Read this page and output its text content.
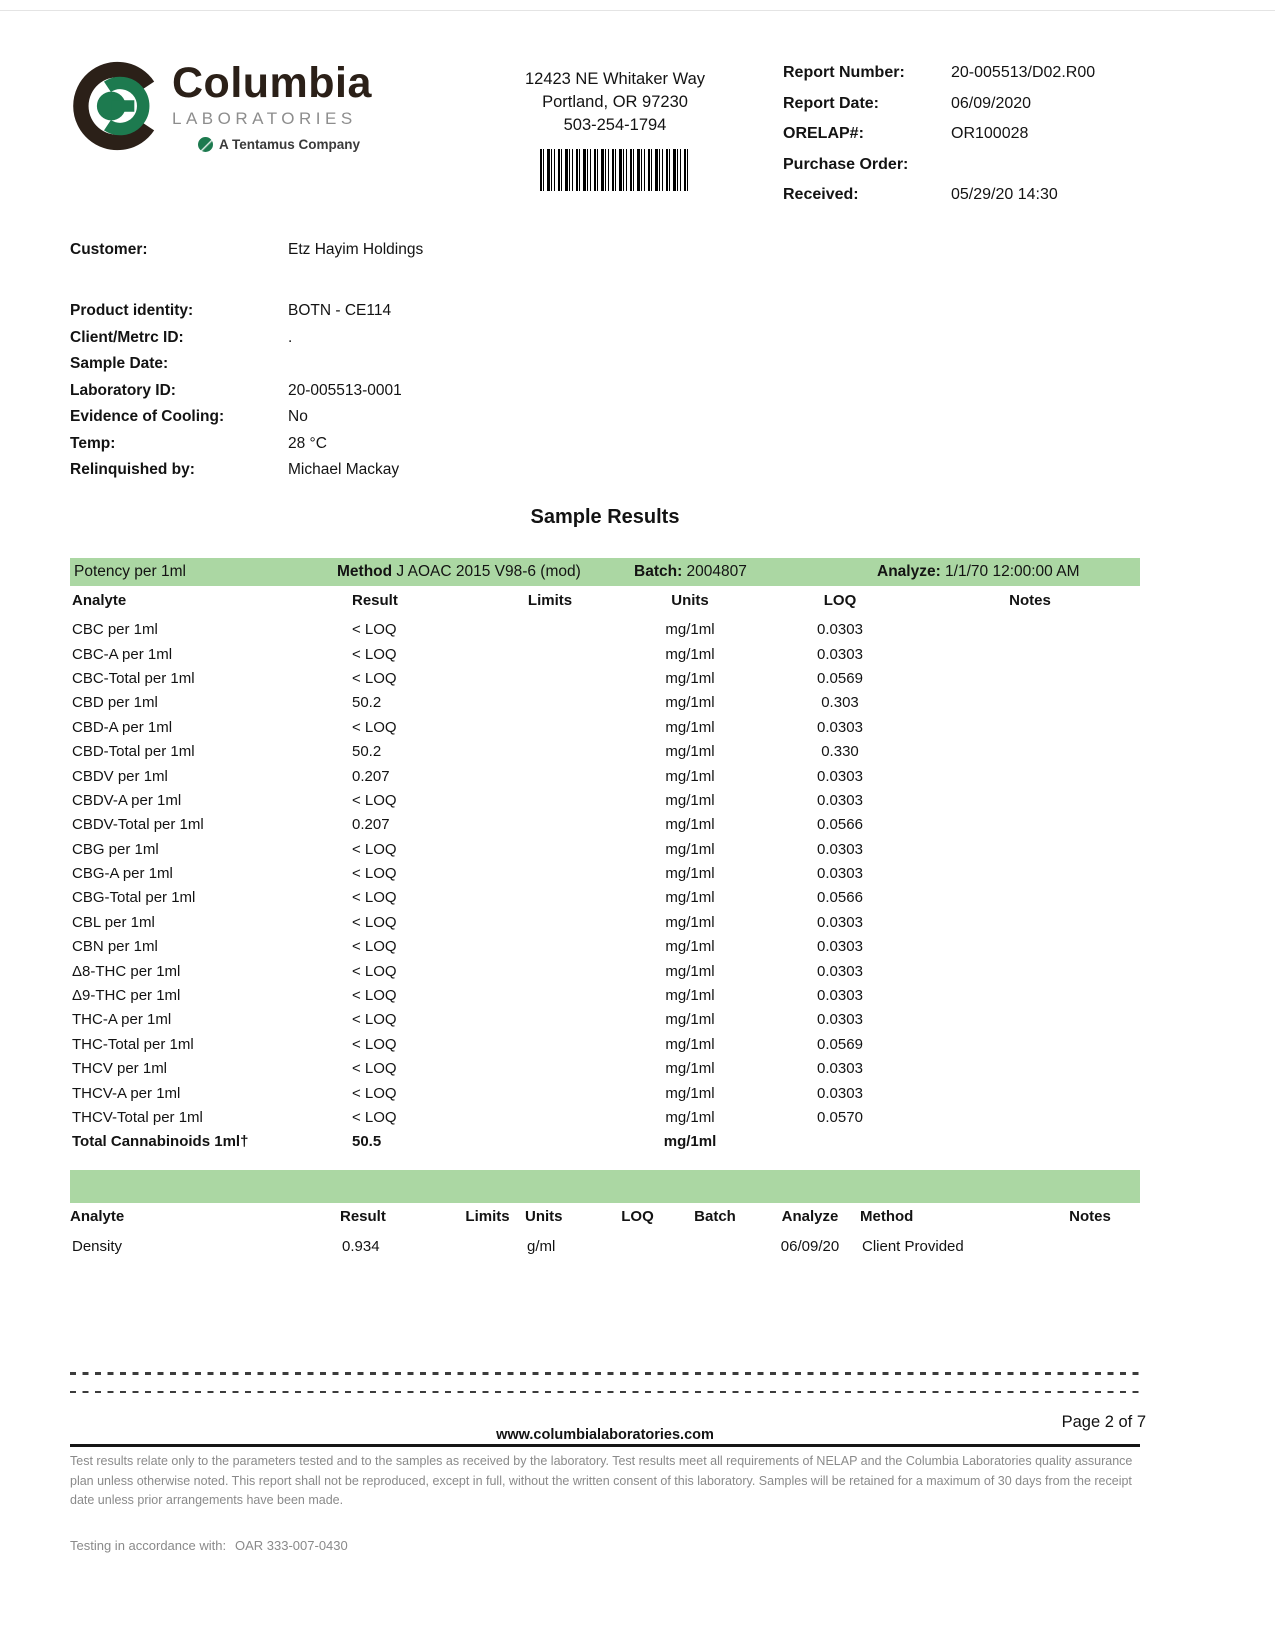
Columbia
LABORATORIES
A Tentamus Company
12423 NE Whitaker Way
Portland, OR 97230
503-254-1794
Report Number:	20-005513/D02.R00
Report Date:	06/09/2020
ORELAP#:	OR100028
Purchase Order:
Received:	05/29/20 14:30
Customer:	Etz Hayim Holdings
Product identity:	BOTN - CE114
Client/Metrc ID:	.
Sample Date:
Laboratory ID:	20-005513-0001
Evidence of Cooling:	No
Temp:	28 °C
Relinquished by:	Michael Mackay
Sample Results
Potency per 1ml	Method J AOAC 2015 V98-6 (mod)	Batch: 2004807	Analyze: 1/1/70 12:00:00 AM
Analyte	Result	Limits	Units	LOQ	Notes
CBC per 1ml	< LOQ		mg/1ml	0.0303	
CBC-A per 1ml	< LOQ		mg/1ml	0.0303	
CBC-Total per 1ml	< LOQ		mg/1ml	0.0569	
CBD per 1ml	50.2		mg/1ml	0.303	
CBD-A per 1ml	< LOQ		mg/1ml	0.0303	
CBD-Total per 1ml	50.2		mg/1ml	0.330	
CBDV per 1ml	0.207		mg/1ml	0.0303	
CBDV-A per 1ml	< LOQ		mg/1ml	0.0303	
CBDV-Total per 1ml	0.207		mg/1ml	0.0566	
CBG per 1ml	< LOQ		mg/1ml	0.0303	
CBG-A per 1ml	< LOQ		mg/1ml	0.0303	
CBG-Total per 1ml	< LOQ		mg/1ml	0.0566	
CBL per 1ml	< LOQ		mg/1ml	0.0303	
CBN per 1ml	< LOQ		mg/1ml	0.0303	
Δ8-THC per 1ml	< LOQ		mg/1ml	0.0303	
Δ9-THC per 1ml	< LOQ		mg/1ml	0.0303	
THC-A per 1ml	< LOQ		mg/1ml	0.0303	
THC-Total per 1ml	< LOQ		mg/1ml	0.0569	
THCV per 1ml	< LOQ		mg/1ml	0.0303	
THCV-A per 1ml	< LOQ		mg/1ml	0.0303	
THCV-Total per 1ml	< LOQ		mg/1ml	0.0570	
Total Cannabinoids 1ml†	50.5		mg/1ml		
Analyte	Result	Limits	Units	LOQ	Batch	Analyze	Method	Notes
Density	0.934		g/ml			06/09/20	Client Provided	
Page 2 of 7
www.columbialaboratories.com
Test results relate only to the parameters tested and to the samples as received by the laboratory. Test results meet all requirements of NELAP and the Columbia Laboratories quality assurance plan unless otherwise noted. This report shall not be reproduced, except in full, without the written consent of this laboratory. Samples will be retained for a maximum of 30 days from the receipt date unless prior arrangements have been made.
Testing in accordance with: OAR 333-007-0430
